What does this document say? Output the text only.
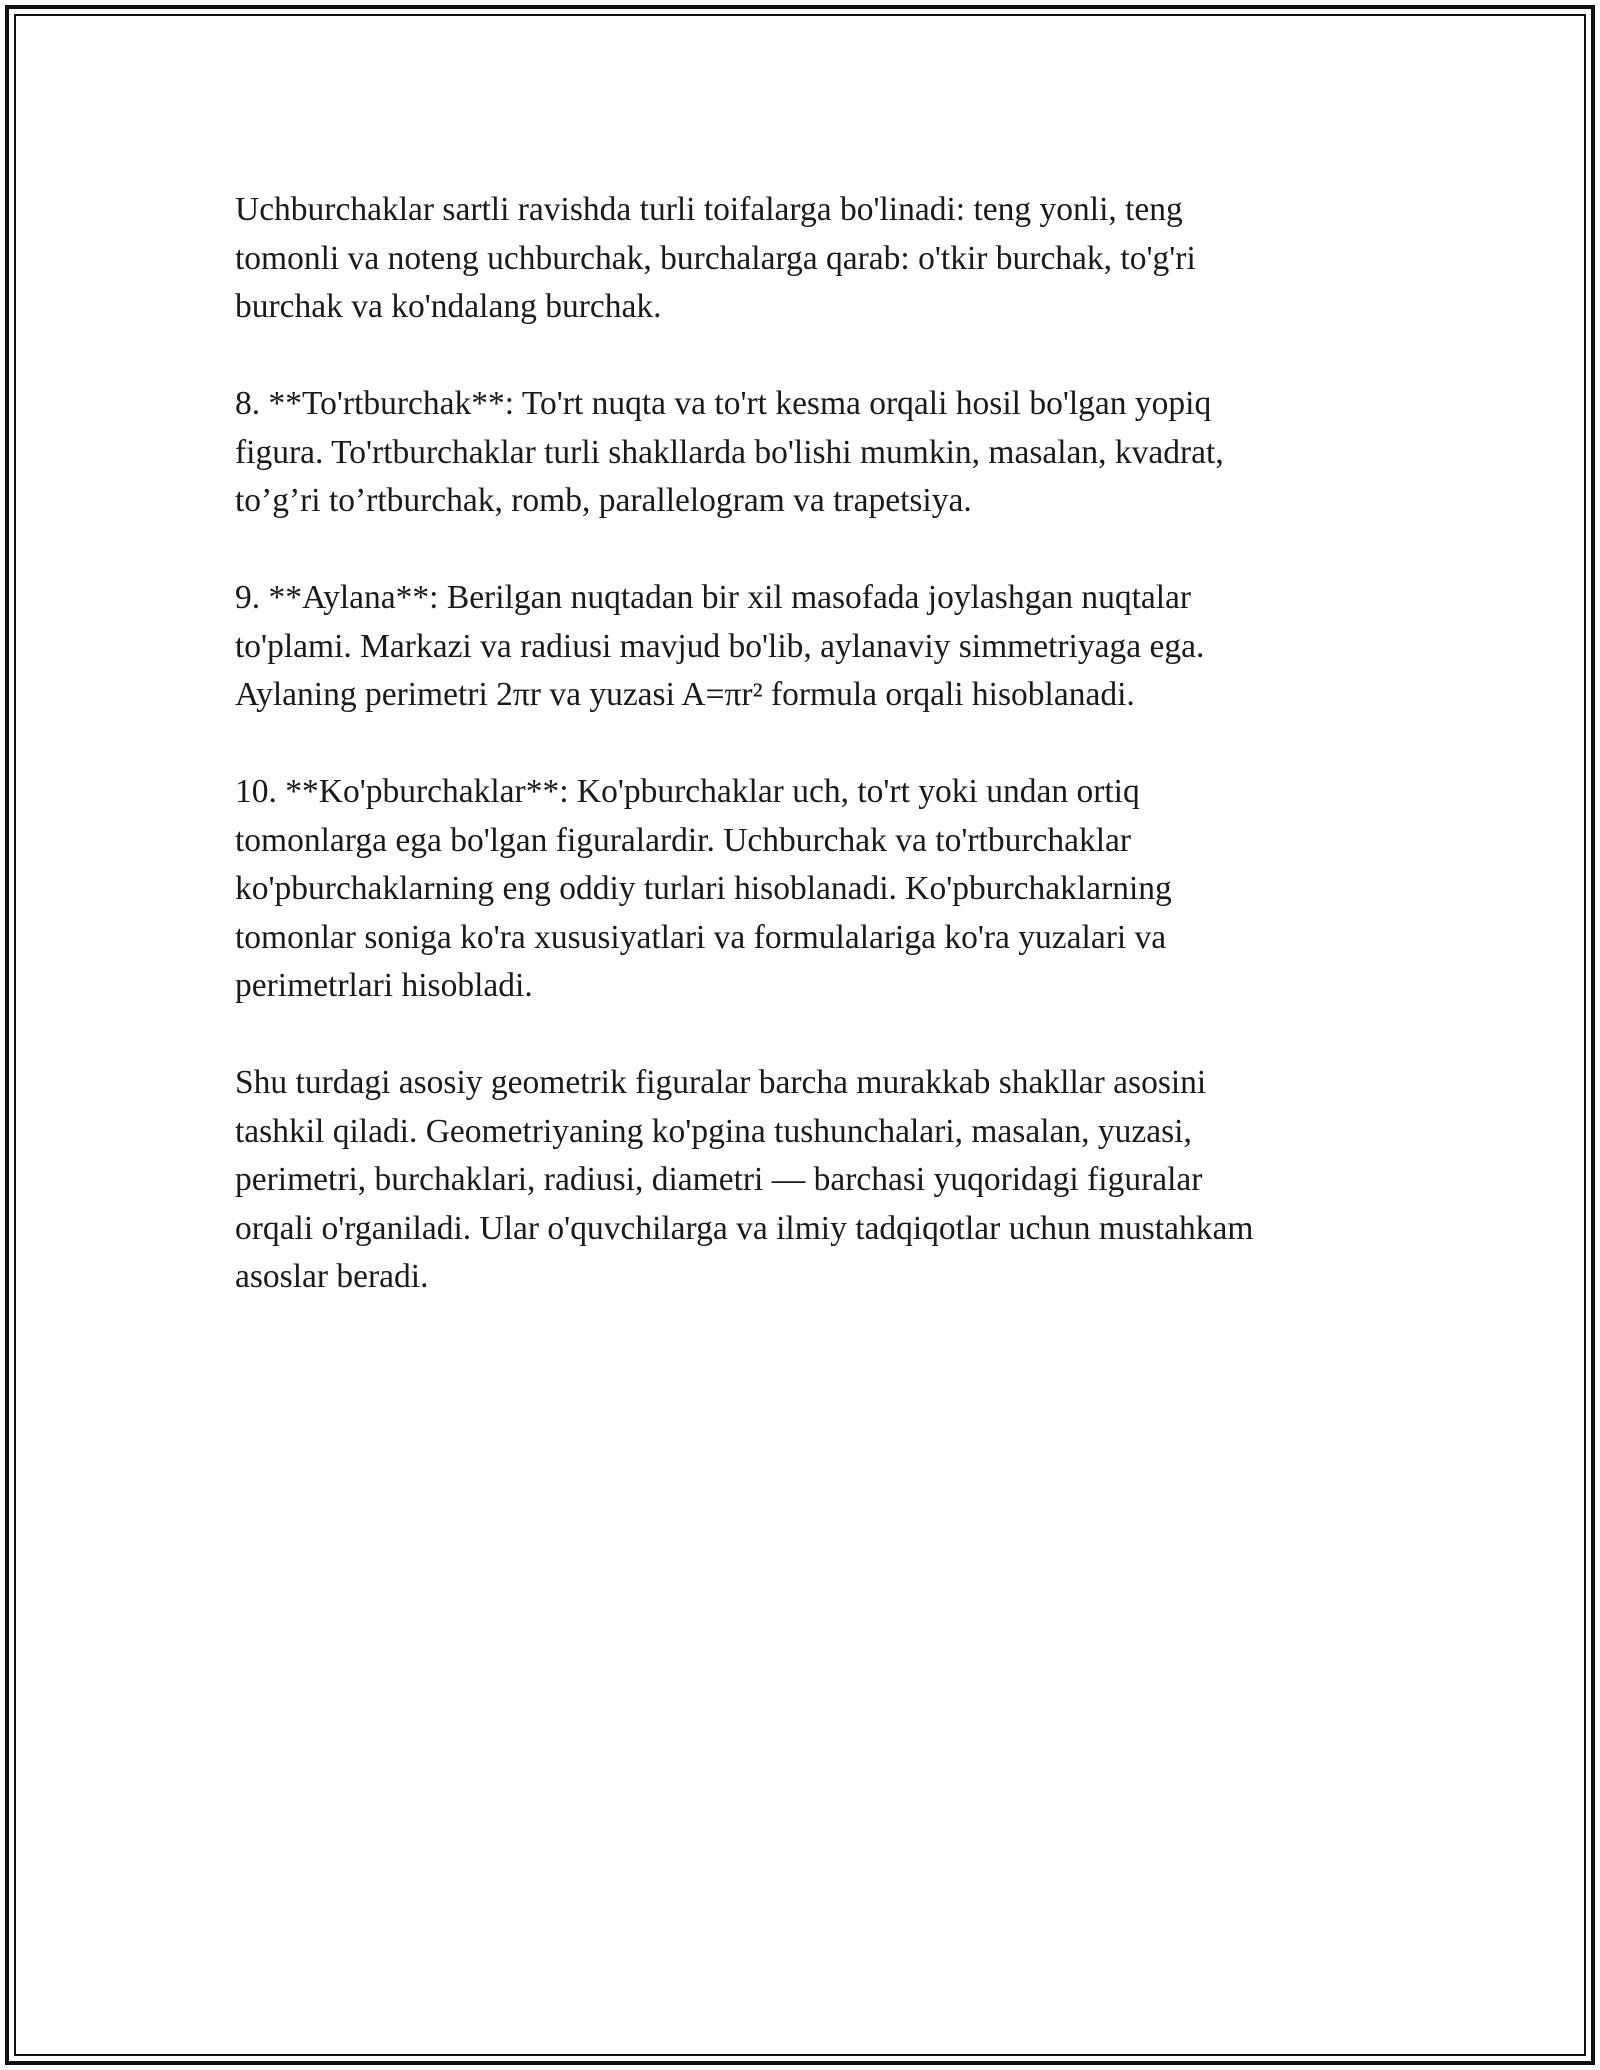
Uchburchaklar sartli ravishda turli toifalarga bo'linadi: teng yonli, teng
tomonli va noteng uchburchak, burchalarga qarab: o'tkir burchak, to'g'ri
burchak va ko'ndalang burchak.

8. **To'rtburchak**: To'rt nuqta va to'rt kesma orqali hosil bo'lgan yopiq
figura. To'rtburchaklar turli shakllarda bo'lishi mumkin, masalan, kvadrat,
to’g’ri to’rtburchak, romb, parallelogram va trapetsiya.

9. **Aylana**: Berilgan nuqtadan bir xil masofada joylashgan nuqtalar
to'plami. Markazi va radiusi mavjud bo'lib, aylanaviy simmetriyaga ega.
Aylaning perimetri 2πr va yuzasi A=πr² formula orqali hisoblanadi.

10. **Ko'pburchaklar**: Ko'pburchaklar uch, to'rt yoki undan ortiq
tomonlarga ega bo'lgan figuralardir. Uchburchak va to'rtburchaklar
ko'pburchaklarning eng oddiy turlari hisoblanadi. Ko'pburchaklarning
tomonlar soniga ko'ra xususiyatlari va formulalariga ko'ra yuzalari va
perimetrlari hisobladi.

Shu turdagi asosiy geometrik figuralar barcha murakkab shakllar asosini
tashkil qiladi. Geometriyaning ko'pgina tushunchalari, masalan, yuzasi,
perimetri, burchaklari, radiusi, diametri — barchasi yuqoridagi figuralar
orqali o'rganiladi. Ular o'quvchilarga va ilmiy tadqiqotlar uchun mustahkam
asoslar beradi.
